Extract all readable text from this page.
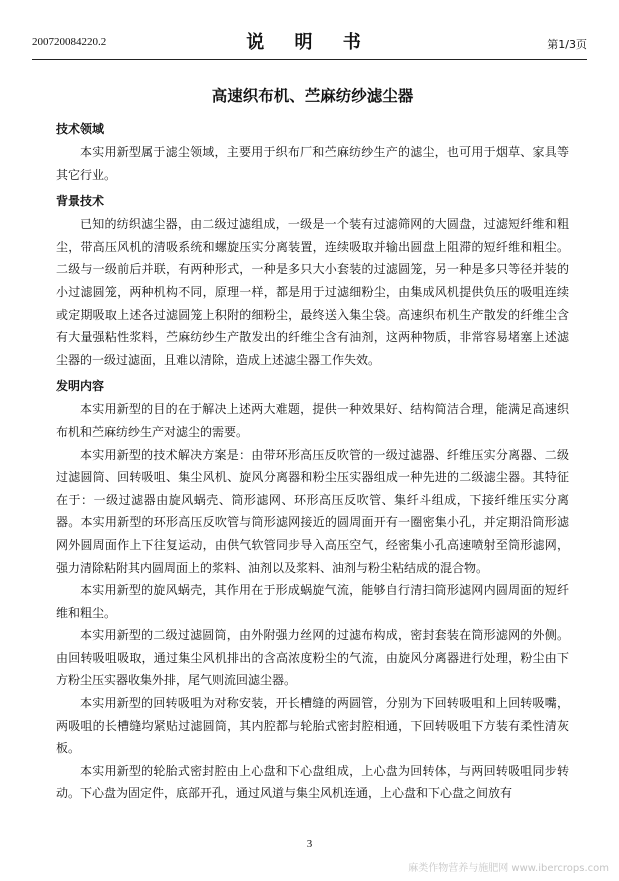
200720084220.2	说 明 书	第1/3页
高速织布机、苎麻纺纱滤尘器
技术领域

本实用新型属于滤尘领域，主要用于织布厂和苎麻纺纱生产的滤尘，也可用于烟草、家具等其它行业。

背景技术

已知的纺织滤尘器，由二级过滤组成，一级是一个装有过滤筛网的大圆盘，过滤短纤维和粗尘，带高压风机的清吸系统和螺旋压实分离装置，连续吸取并输出圆盘上阻滞的短纤维和粗尘。二级与一级前后并联，有两种形式，一种是多只大小套装的过滤圆笼，另一种是多只等径并装的小过滤圆笼，两种机构不同，原理一样，都是用于过滤细粉尘，由集成风机提供负压的吸咀连续或定期吸取上述各过滤圆笼上积附的细粉尘，最终送入集尘袋。高速织布机生产散发的纤维尘含有大量强粘性浆料，苎麻纺纱生产散发出的纤维尘含有油剂，这两种物质，非常容易堵塞上述滤尘器的一级过滤面，且难以清除，造成上述滤尘器工作失效。

发明内容

本实用新型的目的在于解决上述两大难题，提供一种效果好、结构简洁合理，能满足高速织布机和苎麻纺纱生产对滤尘的需要。

本实用新型的技术解决方案是：由带环形高压反吹管的一级过滤器、纤维压实分离器、二级过滤圆筒、回转吸咀、集尘风机、旋风分离器和粉尘压实器组成一种先进的二级滤尘器。其特征在于：一级过滤器由旋风蜗壳、筒形滤网、环形高压反吹管、集纤斗组成，下接纤维压实分离器。本实用新型的环形高压反吹管与筒形滤网接近的圆周面开有一圈密集小孔，并定期沿筒形滤网外圆周面作上下往复运动，由供气软管同步导入高压空气，经密集小孔高速喷射至筒形滤网，强力清除粘附其内圆周面上的浆料、油剂以及浆料、油剂与粉尘粘结成的混合物。

本实用新型的旋风蜗壳，其作用在于形成蜗旋气流，能够自行清扫筒形滤网内圆周面的短纤维和粗尘。

本实用新型的二级过滤圆筒，由外附强力丝网的过滤布构成，密封套装在筒形滤网的外侧。由回转吸咀吸取，通过集尘风机排出的含高浓度粉尘的气流，由旋风分离器进行处理，粉尘由下方粉尘压实器收集外排，尾气则流回滤尘器。

本实用新型的回转吸咀为对称安装，开长槽缝的两圆管，分别为下回转吸咀和上回转吸嘴，两吸咀的长槽缝均紧贴过滤圆筒，其内腔都与轮胎式密封腔相通，下回转吸咀下方装有柔性清灰板。

本实用新型的轮胎式密封腔由上心盘和下心盘组成，上心盘为回转体，与两回转吸咀同步转动。下心盘为固定件，底部开孔，通过风道与集尘风机连通，上心盘和下心盘之间放有

3
麻类作物营养与施肥网 www.ibercrops.com
